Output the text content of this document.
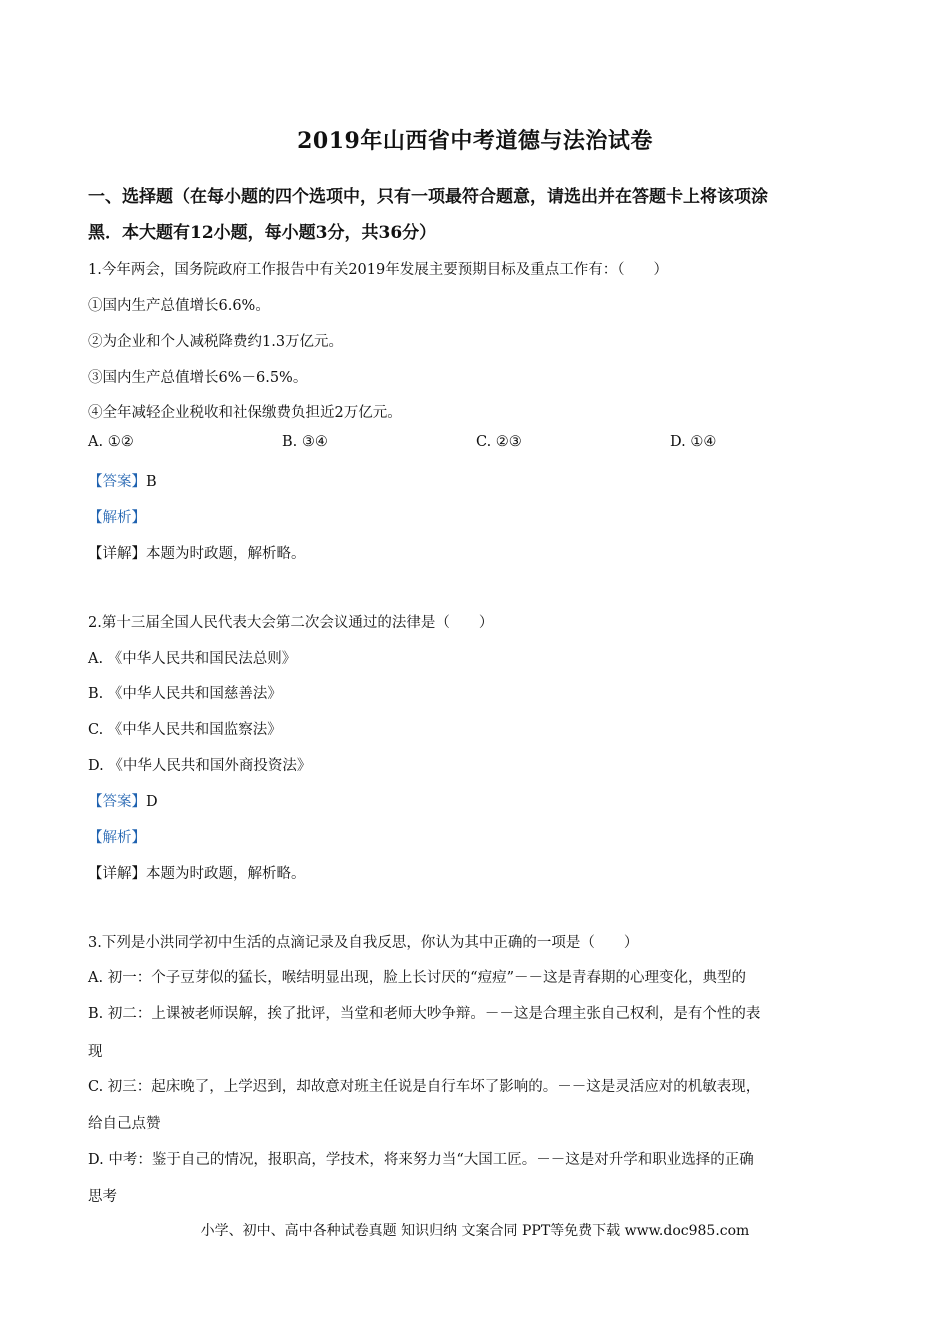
2019年山西省中考道德与法治试卷
一、选择题（在每小题的四个选项中，只有一项最符合题意，请选出并在答题卡上将该项涂
黑．本大题有12小题，每小题3分，共36分）
1.今年两会，国务院政府工作报告中有关2019年发展主要预期目标及重点工作有：（　　）
①国内生产总值增长6.6%。
②为企业和个人减税降费约1.3万亿元。
③国内生产总值增长6%－6.5%。
④全年减轻企业税收和社保缴费负担近2万亿元。
A. ①②	B. ③④	C. ②③	D. ①④
【答案】B
【解析】
【详解】本题为时政题，解析略。
2.第十三届全国人民代表大会第二次会议通过的法律是（　　）
A. 《中华人民共和国民法总则》
B. 《中华人民共和国慈善法》
C. 《中华人民共和国监察法》
D. 《中华人民共和国外商投资法》
【答案】D
【解析】
【详解】本题为时政题，解析略。
3.下列是小洪同学初中生活的点滴记录及自我反思，你认为其中正确的一项是（　　）
A. 初一：个子豆芽似的猛长，喉结明显出现，脸上长讨厌的“痘痘”－－这是青春期的心理变化，典型的
B. 初二：上课被老师误解，挨了批评，当堂和老师大吵争辩。－－这是合理主张自己权利，是有个性的表
现
C. 初三：起床晚了，上学迟到，却故意对班主任说是自行车坏了影响的。－－这是灵活应对的机敏表现，
给自己点赞
D. 中考：鉴于自己的情况，报职高，学技术，将来努力当“大国工匠。－－这是对升学和职业选择的正确
思考
小学、初中、高中各种试卷真题 知识归纳 文案合同 PPT等免费下载 www.doc985.com
